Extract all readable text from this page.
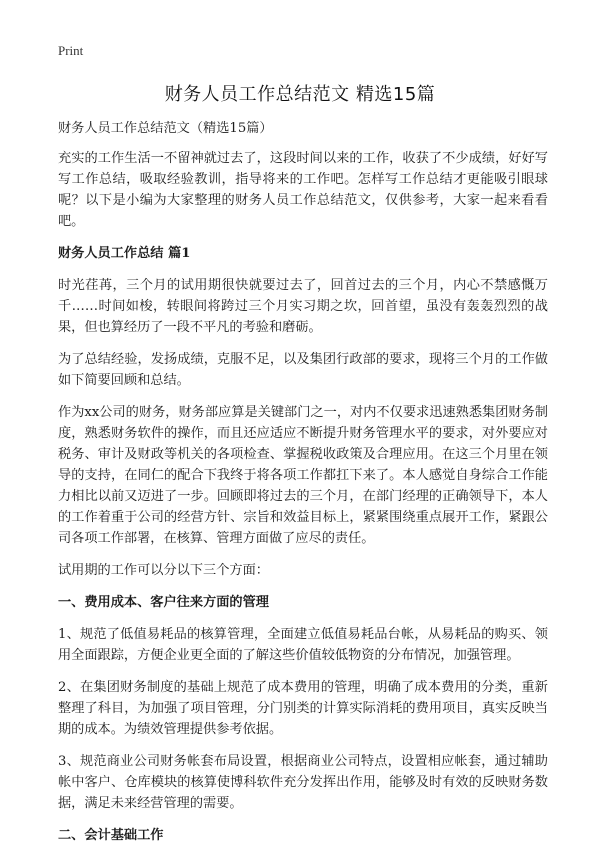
Print
财务人员工作总结范文 精选15篇

财务人员工作总结范文（精选15篇）

充实的工作生活一不留神就过去了，这段时间以来的工作，收获了不少成绩，好好写写工作总结，吸取经验教训，指导将来的工作吧。怎样写工作总结才更能吸引眼球呢？以下是小编为大家整理的财务人员工作总结范文，仅供参考，大家一起来看看吧。

财务人员工作总结 篇1

时光荏苒，三个月的试用期很快就要过去了，回首过去的三个月，内心不禁感慨万千……时间如梭，转眼间将跨过三个月实习期之坎，回首望，虽没有轰轰烈烈的战果，但也算经历了一段不平凡的考验和磨砺。

为了总结经验，发扬成绩，克服不足，以及集团行政部的要求，现将三个月的工作做如下简要回顾和总结。

作为xx公司的财务，财务部应算是关键部门之一，对内不仅要求迅速熟悉集团财务制度，熟悉财务软件的操作，而且还应适应不断提升财务管理水平的要求，对外要应对税务、审计及财政等机关的各项检查、掌握税收政策及合理应用。在这三个月里在领导的支持，在同仁的配合下我终于将各项工作都扛下来了。本人感觉自身综合工作能力相比以前又迈进了一步。回顾即将过去的三个月，在部门经理的正确领导下，本人的工作着重于公司的经营方针、宗旨和效益目标上，紧紧围绕重点展开工作，紧跟公司各项工作部署，在核算、管理方面做了应尽的责任。

试用期的工作可以分以下三个方面：

一、费用成本、客户往来方面的管理

1、规范了低值易耗品的核算管理，全面建立低值易耗品台帐，从易耗品的购买、领用全面跟踪，方便企业更全面的了解这些价值较低物资的分布情况，加强管理。

2、在集团财务制度的基础上规范了成本费用的管理，明确了成本费用的分类，重新整理了科目，为加强了项目管理，分门别类的计算实际消耗的费用项目，真实反映当期的成本。为绩效管理提供参考依据。

3、规范商业公司财务帐套布局设置，根据商业公司特点，设置相应帐套，通过辅助帐中客户、仓库模块的核算使博科软件充分发挥出作用，能够及时有效的反映财务数据，满足未来经营管理的需要。

二、会计基础工作
